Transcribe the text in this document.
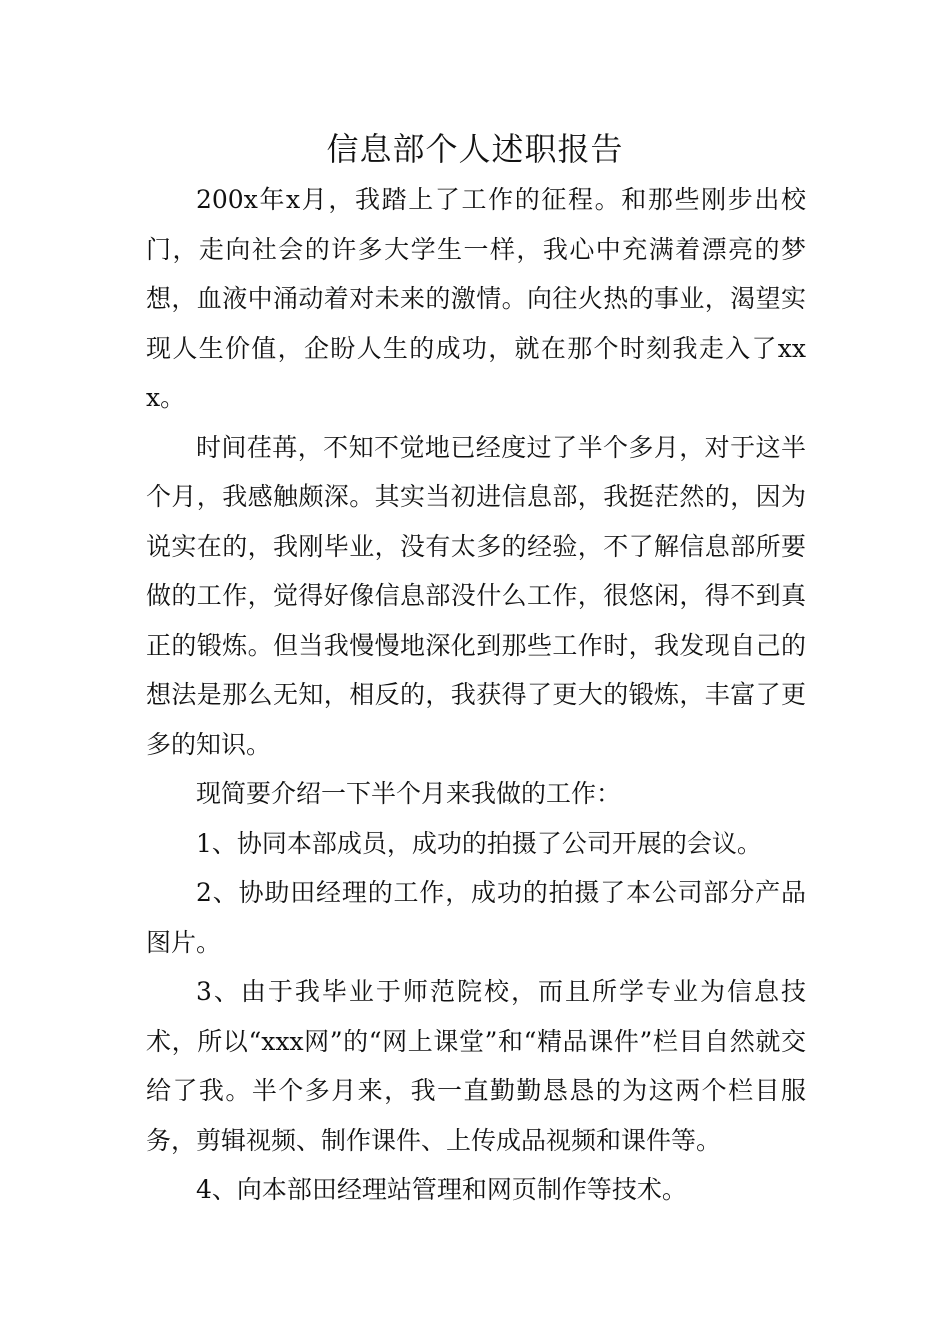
信息部个人述职报告

200x年x月，我踏上了工作的征程。和那些刚步出校门，走向社会的许多大学生一样，我心中充满着漂亮的梦想，血液中涌动着对未来的激情。向往火热的事业，渴望实现人生价值，企盼人生的成功，就在那个时刻我走入了xxx。

时间荏苒，不知不觉地已经度过了半个多月，对于这半个月，我感触颇深。其实当初进信息部，我挺茫然的，因为说实在的，我刚毕业，没有太多的经验，不了解信息部所要做的工作，觉得好像信息部没什么工作，很悠闲，得不到真正的锻炼。但当我慢慢地深化到那些工作时，我发现自己的想法是那么无知，相反的，我获得了更大的锻炼，丰富了更多的知识。

现简要介绍一下半个月来我做的工作：

1、协同本部成员，成功的拍摄了公司开展的会议。

2、协助田经理的工作，成功的拍摄了本公司部分产品图片。

3、由于我毕业于师范院校，而且所学专业为信息技术，所以“xxx网”的“网上课堂”和“精品课件”栏目自然就交给了我。半个多月来，我一直勤勤恳恳的为这两个栏目服务，剪辑视频、制作课件、上传成品视频和课件等。

4、向本部田经理站管理和网页制作等技术。
